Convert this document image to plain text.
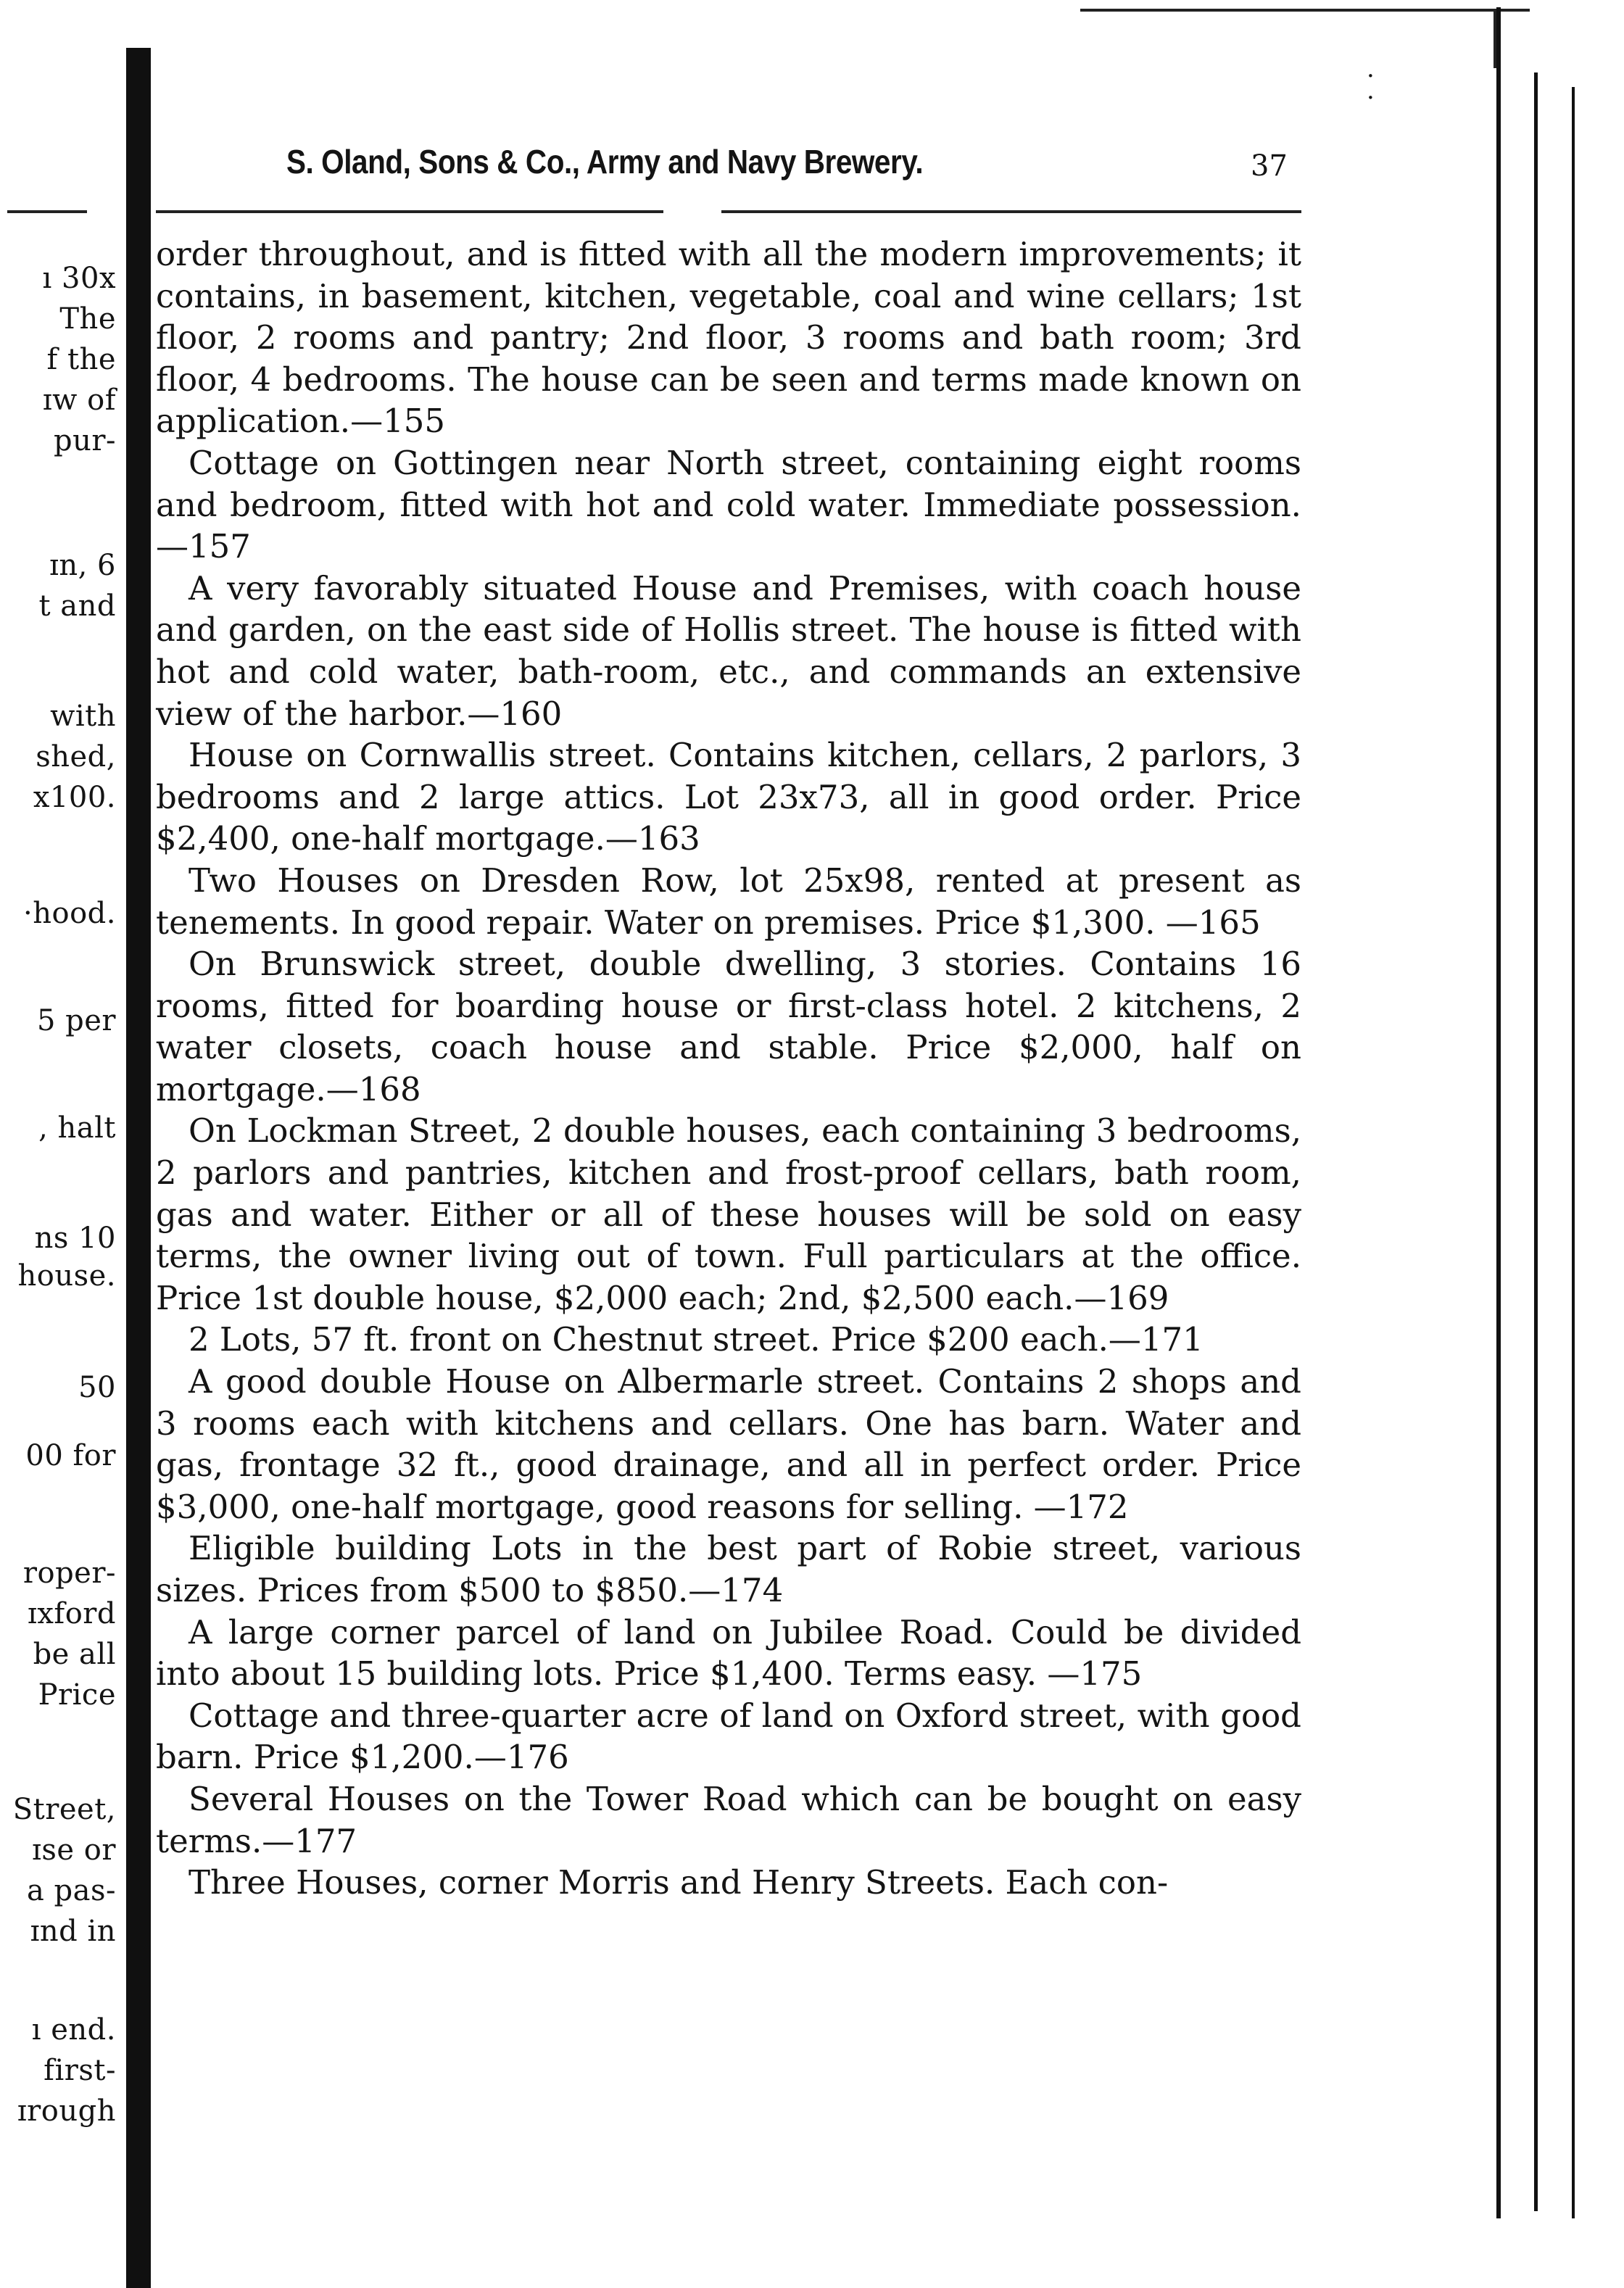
·
·
ı 30x
The
f the
ɪw of
pur-
ɪn, 6
t and
with
shed,
x100.
·hood.
5 per
, halt
ns 10
house.
50
00 for
roper-
ɪxford
be all
Price
Street,
ɪse or
a pas-
ɪnd in
ı end.
first-
ɪrough
S. Oland, Sons & Co., Army and Navy Brewery.	37

order throughout, and is fitted with all the modern improvements; it contains, in basement, kitchen, vegetable, coal and wine cellars; 1st floor, 2 rooms and pantry; 2nd floor, 3 rooms and bath room; 3rd floor, 4 bedrooms. The house can be seen and terms made known on application.—155

Cottage on Gottingen near North street, containing eight rooms and bedroom, fitted with hot and cold water. Immediate possession.—157

A very favorably situated House and Premises, with coach house and garden, on the east side of Hollis street. The house is fitted with hot and cold water, bath-room, etc., and commands an extensive view of the harbor.—160

House on Cornwallis street. Contains kitchen, cellars, 2 parlors, 3 bedrooms and 2 large attics. Lot 23x73, all in good order. Price $2,400, one-half mortgage.—163

Two Houses on Dresden Row, lot 25x98, rented at present as tenements. In good repair. Water on premises. Price $1,300. —165

On Brunswick street, double dwelling, 3 stories. Contains 16 rooms, fitted for boarding house or first-class hotel. 2 kitchens, 2 water closets, coach house and stable. Price $2,000, half on mortgage.—168

On Lockman Street, 2 double houses, each containing 3 bedrooms, 2 parlors and pantries, kitchen and frost-proof cellars, bath room, gas and water. Either or all of these houses will be sold on easy terms, the owner living out of town. Full particulars at the office. Price 1st double house, $2,000 each; 2nd, $2,500 each.—169

2 Lots, 57 ft. front on Chestnut street. Price $200 each.—171

A good double House on Albermarle street. Contains 2 shops and 3 rooms each with kitchens and cellars. One has barn. Water and gas, frontage 32 ft., good drainage, and all in perfect order. Price $3,000, one-half mortgage, good reasons for selling. —172

Eligible building Lots in the best part of Robie street, various sizes. Prices from $500 to $850.—174

A large corner parcel of land on Jubilee Road. Could be divided into about 15 building lots. Price $1,400. Terms easy. —175

Cottage and three-quarter acre of land on Oxford street, with good barn. Price $1,200.—176

Several Houses on the Tower Road which can be bought on easy terms.—177

Three Houses, corner Morris and Henry Streets. Each con-
